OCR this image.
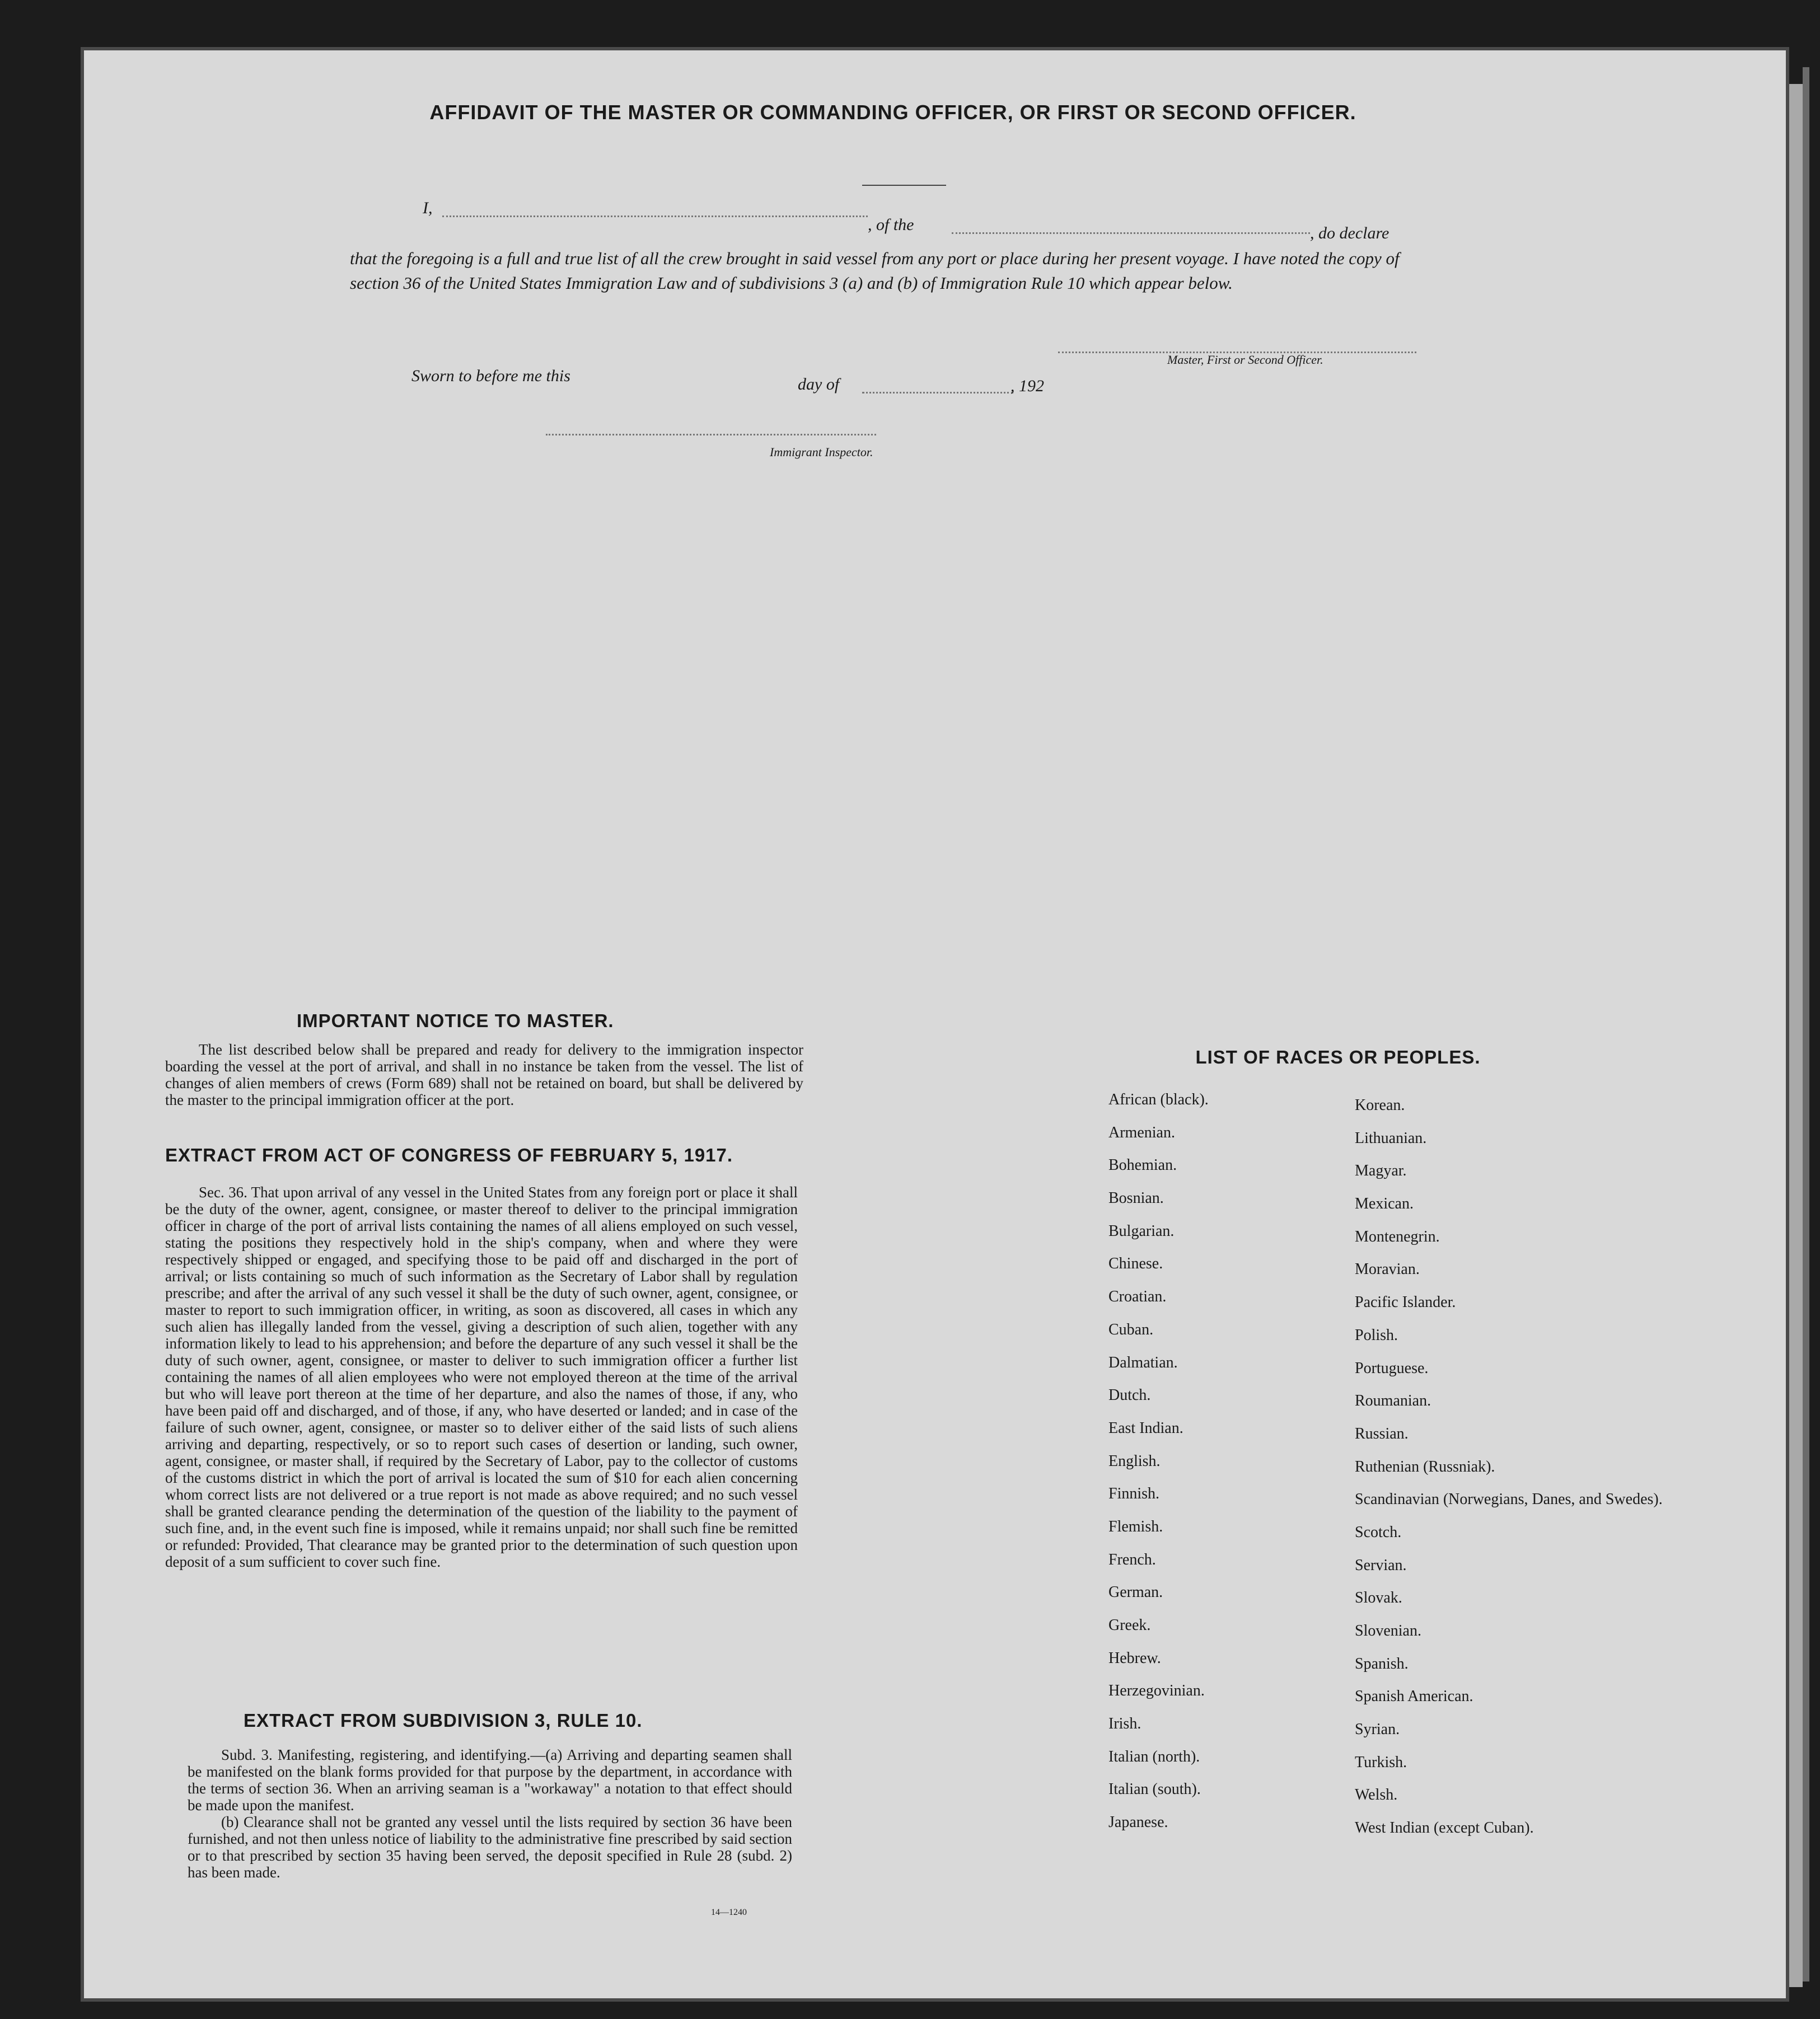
AFFIDAVIT OF THE MASTER OR COMMANDING OFFICER, OR FIRST OR SECOND OFFICER.
I,
, of the	, do declare
that the foregoing is a full and true list of all the crew brought in said vessel from any port or place during her present voyage. I have noted the copy of section 36 of the United States Immigration Law and of subdivisions 3 (a) and (b) of Immigration Rule 10 which appear below.
Master, First or Second Officer.
Sworn to before me this	day of	, 192
Immigrant Inspector.
IMPORTANT NOTICE TO MASTER.

The list described below shall be prepared and ready for delivery to the immigration inspector boarding the vessel at the port of arrival, and shall in no instance be taken from the vessel. The list of changes of alien members of crews (Form 689) shall not be retained on board, but shall be delivered by the master to the principal immigration officer at the port.

EXTRACT FROM ACT OF CONGRESS OF FEBRUARY 5, 1917.

Sec. 36. That upon arrival of any vessel in the United States from any foreign port or place it shall be the duty of the owner, agent, consignee, or master thereof to deliver to the principal immigration officer in charge of the port of arrival lists containing the names of all aliens employed on such vessel, stating the positions they respectively hold in the ship's company, when and where they were respectively shipped or engaged, and specifying those to be paid off and discharged in the port of arrival; or lists containing so much of such information as the Secretary of Labor shall by regulation prescribe; and after the arrival of any such vessel it shall be the duty of such owner, agent, consignee, or master to report to such immigration officer, in writing, as soon as discovered, all cases in which any such alien has illegally landed from the vessel, giving a description of such alien, together with any information likely to lead to his apprehension; and before the departure of any such vessel it shall be the duty of such owner, agent, consignee, or master to deliver to such immigration officer a further list containing the names of all alien employees who were not employed thereon at the time of the arrival but who will leave port thereon at the time of her departure, and also the names of those, if any, who have been paid off and discharged, and of those, if any, who have deserted or landed; and in case of the failure of such owner, agent, consignee, or master so to deliver either of the said lists of such aliens arriving and departing, respectively, or so to report such cases of desertion or landing, such owner, agent, consignee, or master shall, if required by the Secretary of Labor, pay to the collector of customs of the customs district in which the port of arrival is located the sum of $10 for each alien concerning whom correct lists are not delivered or a true report is not made as above required; and no such vessel shall be granted clearance pending the determination of the question of the liability to the payment of such fine, and, in the event such fine is imposed, while it remains unpaid; nor shall such fine be remitted or refunded: Provided, That clearance may be granted prior to the determination of such question upon deposit of a sum sufficient to cover such fine.

EXTRACT FROM SUBDIVISION 3, RULE 10.

Subd. 3. Manifesting, registering, and identifying.—(a) Arriving and departing seamen shall be manifested on the blank forms provided for that purpose by the department, in accordance with the terms of section 36. When an arriving seaman is a "workaway" a notation to that effect should be made upon the manifest.

(b) Clearance shall not be granted any vessel until the lists required by section 36 have been furnished, and not then unless notice of liability to the administrative fine prescribed by said section or to that prescribed by section 35 having been served, the deposit specified in Rule 28 (subd. 2) has been made.

14—1240
LIST OF RACES OR PEOPLES.
African (black).
Armenian.
Bohemian.
Bosnian.
Bulgarian.
Chinese.
Croatian.
Cuban.
Dalmatian.
Dutch.
East Indian.
English.
Finnish.
Flemish.
French.
German.
Greek.
Hebrew.
Herzegovinian.
Irish.
Italian (north).
Italian (south).
Japanese.
Korean.
Lithuanian.
Magyar.
Mexican.
Montenegrin.
Moravian.
Pacific Islander.
Polish.
Portuguese.
Roumanian.
Russian.
Ruthenian (Russniak).
Scandinavian (Norwegians, Danes, and Swedes).
Scotch.
Servian.
Slovak.
Slovenian.
Spanish.
Spanish American.
Syrian.
Turkish.
Welsh.
West Indian (except Cuban).
